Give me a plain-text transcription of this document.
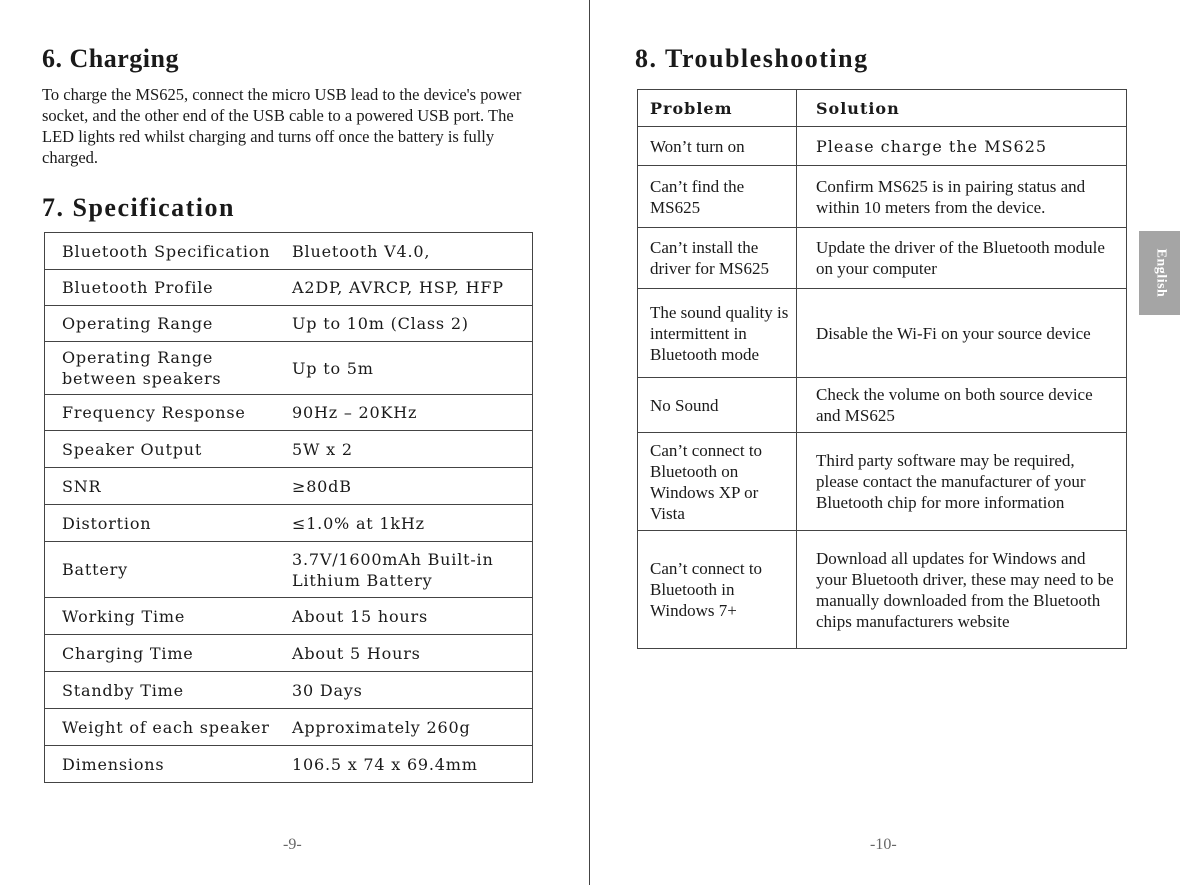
6. Charging
To charge the MS625, connect the micro USB lead to the device's power socket, and the other end of the USB cable to a powered USB port. The LED lights red whilst charging and turns off once the battery is fully charged.
7. Specification
Bluetooth Specification	Bluetooth V4.0,
Bluetooth Profile	A2DP, AVRCP, HSP, HFP
Operating Range	Up to 10m (Class 2)
Operating Range between speakers	Up to 5m
Frequency Response	90Hz – 20KHz
Speaker Output	5W x 2
SNR	≥80dB
Distortion	≤1.0% at 1kHz
Battery	3.7V/1600mAh Built-in Lithium Battery
Working Time	About 15 hours
Charging Time	About 5 Hours
Standby Time	30 Days
Weight of each speaker	Approximately 260g
Dimensions	106.5 x 74 x 69.4mm
-9-
8. Troubleshooting
Problem	Solution
Won’t turn on	Please charge the MS625
Can’t find the MS625	Confirm MS625 is in pairing status and within 10 meters from the device.
Can’t install the driver for MS625	Update the driver of the Bluetooth module on your computer
The sound quality is intermittent in Bluetooth mode	Disable the Wi-Fi on your source device
No Sound	Check the volume on both source device and MS625
Can’t connect to Bluetooth on Windows XP or Vista	Third party software may be required, please contact the manufacturer of your Bluetooth chip for more information
Can’t connect to Bluetooth in Windows 7+	Download all updates for Windows and your Bluetooth driver, these may need to be manually downloaded from the Bluetooth chips manufacturers website
English
-10-
